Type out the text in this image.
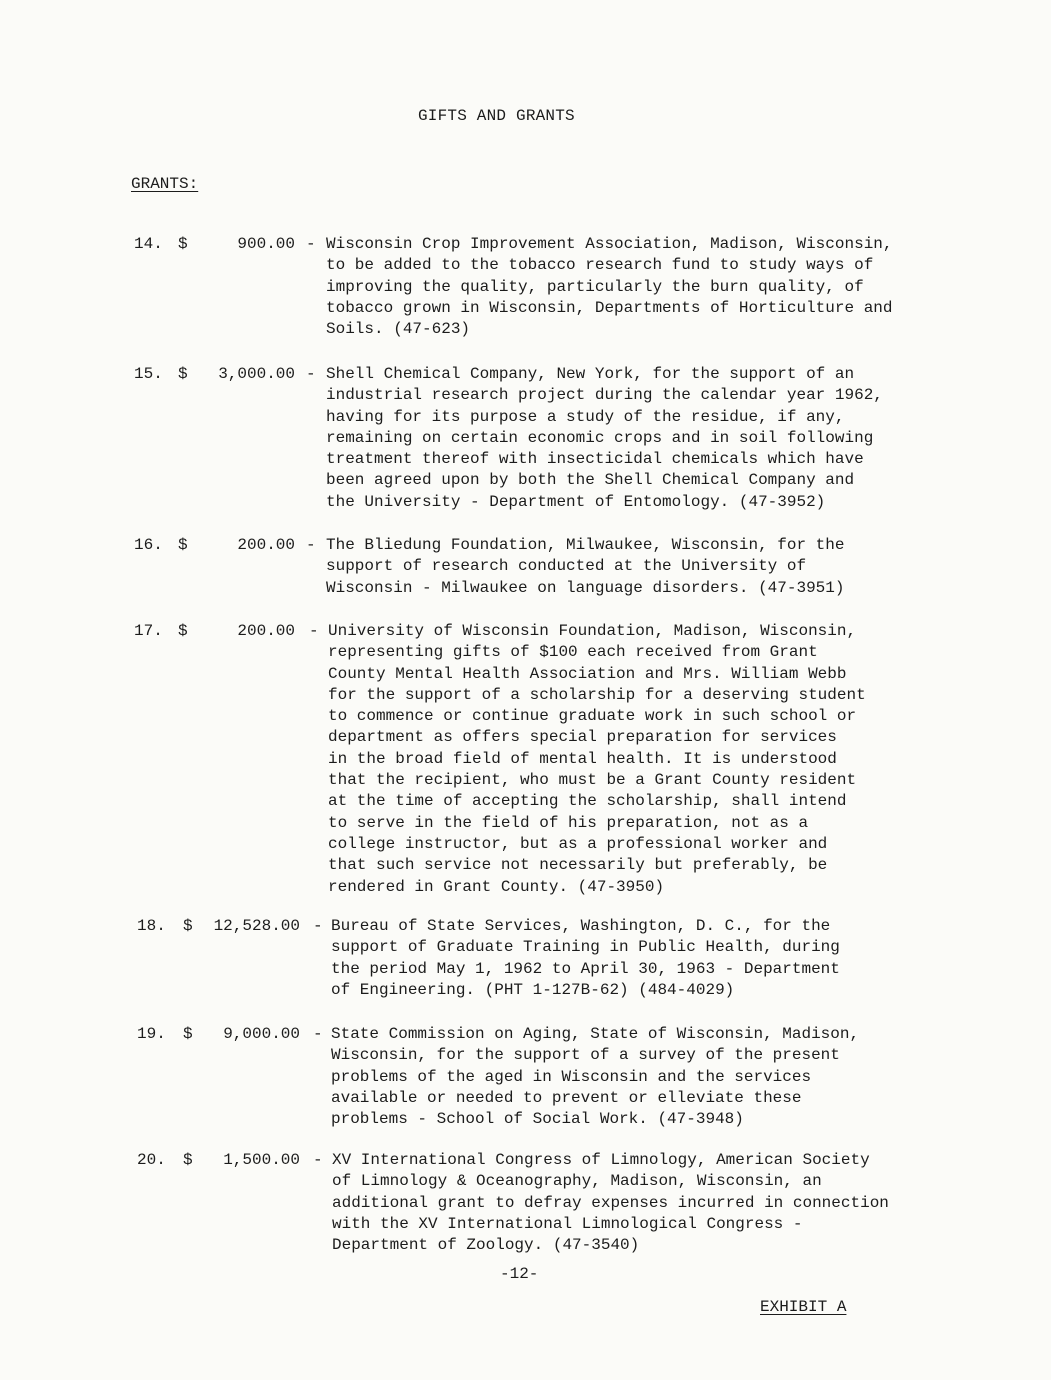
GIFTS AND GRANTS
GRANTS:
14. $	900.00 - Wisconsin Crop Improvement Association, Madison, Wisconsin,
to be added to the tobacco research fund to study ways of
improving the quality, particularly the burn quality, of
tobacco grown in Wisconsin, Departments of Horticulture and
Soils. (47-623)
15. $	3,000.00 - Shell Chemical Company, New York, for the support of an
industrial research project during the calendar year 1962,
having for its purpose a study of the residue, if any,
remaining on certain economic crops and in soil following
treatment thereof with insecticidal chemicals which have
been agreed upon by both the Shell Chemical Company and
the University - Department of Entomology. (47-3952)
16. $	200.00 - The Bliedung Foundation, Milwaukee, Wisconsin, for the
support of research conducted at the University of
Wisconsin - Milwaukee on language disorders. (47-3951)
17. $	200.00 - University of Wisconsin Foundation, Madison, Wisconsin,
representing gifts of $100 each received from Grant
County Mental Health Association and Mrs. William Webb
for the support of a scholarship for a deserving student
to commence or continue graduate work in such school or
department as offers special preparation for services
in the broad field of mental health. It is understood
that the recipient, who must be a Grant County resident
at the time of accepting the scholarship, shall intend
to serve in the field of his preparation, not as a
college instructor, but as a professional worker and
that such service not necessarily but preferably, be
rendered in Grant County. (47-3950)
18. $	12,528.00 - Bureau of State Services, Washington, D. C., for the
support of Graduate Training in Public Health, during
the period May 1, 1962 to April 30, 1963 - Department
of Engineering. (PHT 1-127B-62) (484-4029)
19. $	9,000.00 - State Commission on Aging, State of Wisconsin, Madison,
Wisconsin, for the support of a survey of the present
problems of the aged in Wisconsin and the services
available or needed to prevent or elleviate these
problems - School of Social Work. (47-3948)
20. $	1,500.00 - XV International Congress of Limnology, American Society
of Limnology & Oceanography, Madison, Wisconsin, an
additional grant to defray expenses incurred in connection
with the XV International Limnological Congress -
Department of Zoology. (47-3540)
-12-
EXHIBIT A
